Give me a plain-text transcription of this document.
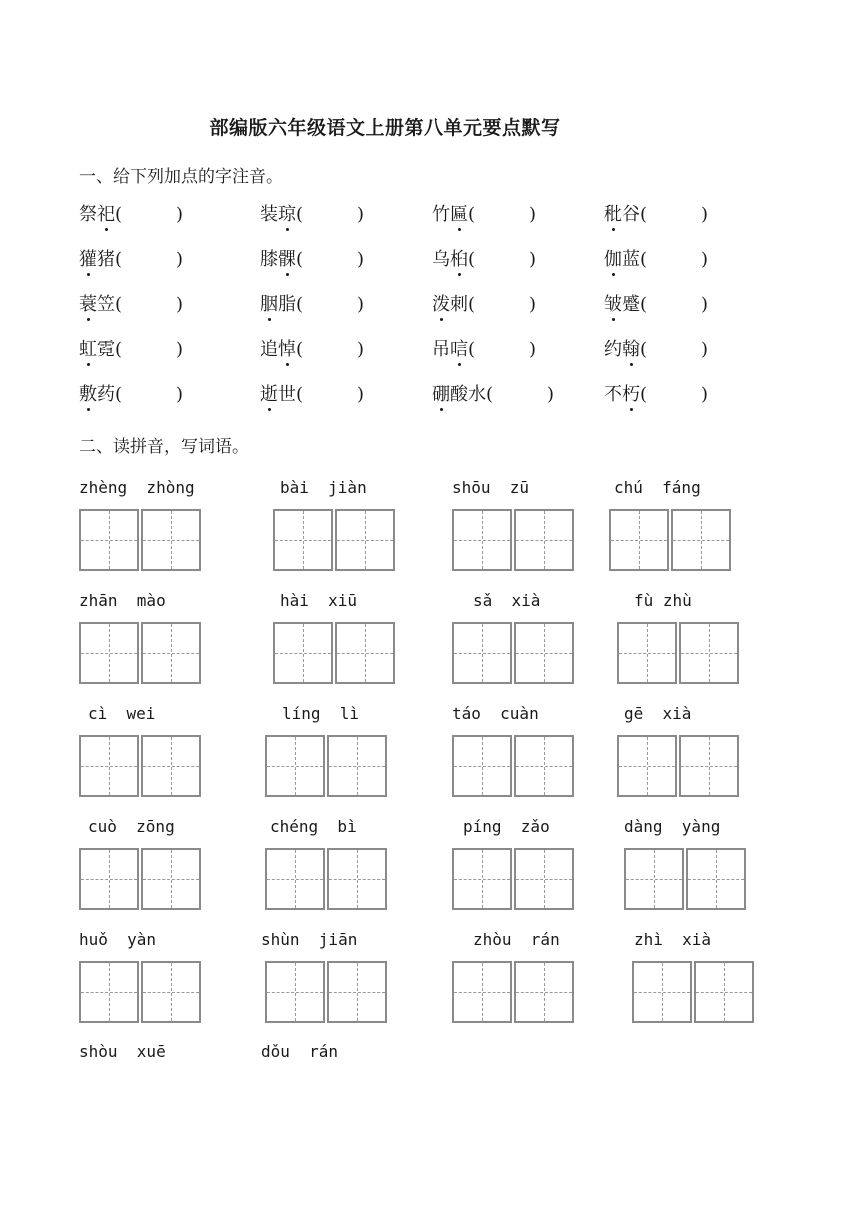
部编版六年级语文上册第八单元要点默写
一、给下列加点的字注音。
祭祀(　　　)	装琼(　　　)	竹匾(　　　)	秕谷(　　　)
獾猪(　　　)	膝髁(　　　)	乌桕(　　　)	伽蓝(　　　)
蓑笠(　　　)	胭脂(　　　)	泼刺(　　　)	皱蹙(　　　)
虹霓(　　　)	追悼(　　　)	吊唁(　　　)	约翰(　　　)
敷药(　　　)	逝世(　　　)	硼酸水(　　　)	不朽(　　　)
二、读拼音，写词语。
zhèng  zhòng	bài  jiàn	shōu  zū	chú  fáng
zhān  mào	hài  xiū	sǎ  xià	fù zhù
cì  wei	líng  lì	táo  cuàn	gē  xià
cuò  zōng	chéng  bì	píng  zǎo	dàng  yàng
huǒ  yàn	shùn  jiān	zhòu  rán	zhì  xià
shòu  xuē	dǒu  rán
